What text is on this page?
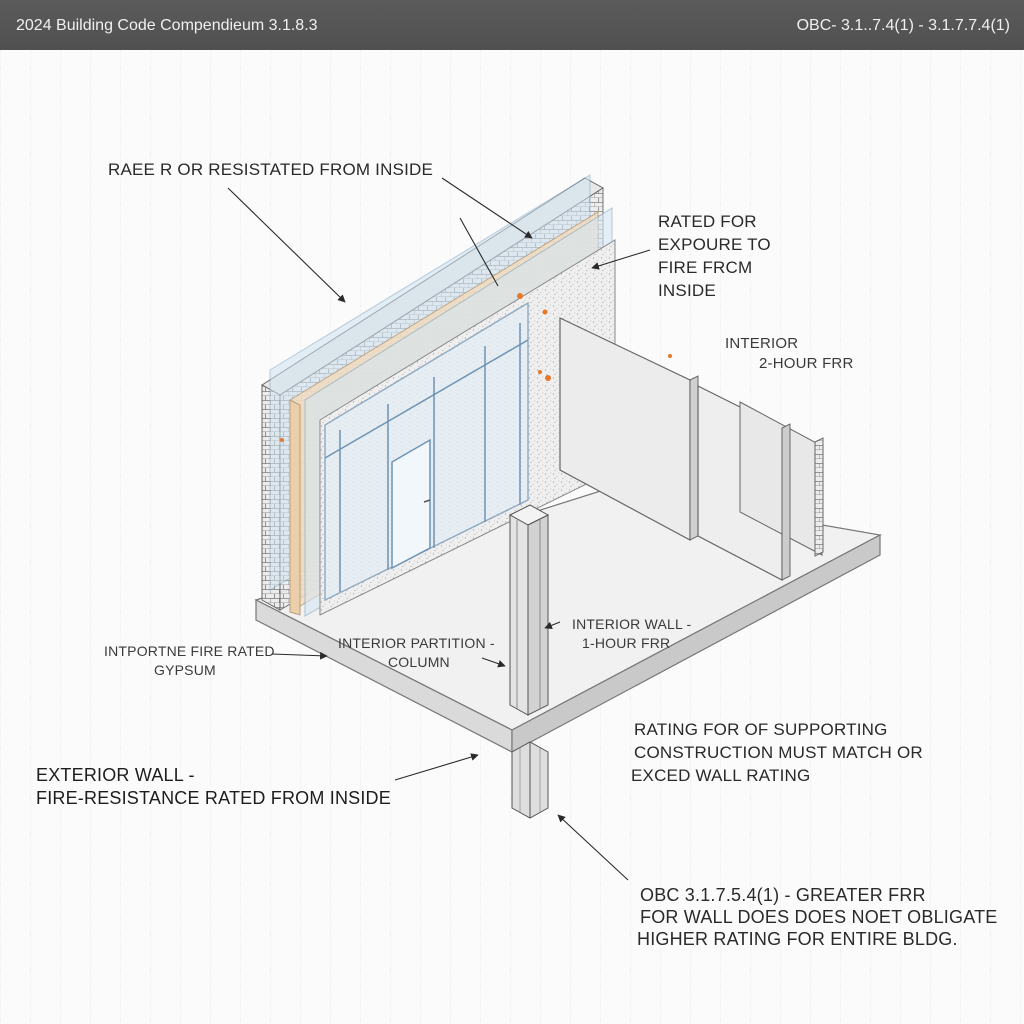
2024 Building Code Compendieum 3.1.8.3	OBC- 3.1..7.4(1) - 3.1.7.7.4(1)
RAEE R OR RESISTATED FROM INSIDE
RATED FOR
EXPOURE TO
FIRE FRCM
INSIDE
INTERIOR
2-HOUR FRR
INTPORTNE FIRE RATED
GYPSUM
INTERIOR PARTITION -
COLUMN
INTERIOR WALL -
1-HOUR FRR
EXTERIOR WALL -
FIRE-RESISTANCE RATED FROM INSIDE
RATING FOR OF SUPPORTING
CONSTRUCTION MUST MATCH OR
EXCED WALL RATING
OBC 3.1.7.5.4(1) - GREATER FRR
FOR WALL DOES DOES NOET OBLIGATE
HIGHER RATING FOR ENTIRE BLDG.
